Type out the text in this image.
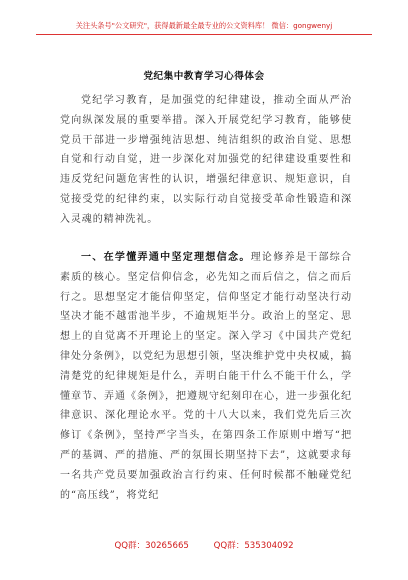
关注头条号"公文研究"，获得最新最全最专业的公文资料库！ 微信：gongwenyj
党纪集中教育学习心得体会

党纪学习教育，是加强党的纪律建设，推动全面从严治党向纵深发展的重要举措。深入开展党纪学习教育，能够使党员干部进一步增强纯洁思想、纯洁组织的政治自觉、思想自觉和行动自觉，进一步深化对加强党的纪律建设重要性和违反党纪问题危害性的认识，增强纪律意识、规矩意识，自觉接受党的纪律约束，以实际行动自觉接受革命性锻造和深入灵魂的精神洗礼。

一、在学懂弄通中坚定理想信念。理论修养是干部综合素质的核心。坚定信仰信念，必先知之而后信之，信之而后行之。思想坚定才能信仰坚定，信仰坚定才能行动坚决行动坚决才能不越雷池半步，不逾规矩半分。政治上的坚定、思想上的自觉离不开理论上的坚定。深入学习《中国共产党纪律处分条例》，以党纪为思想引领，坚决维护党中央权威，搞清楚党的纪律规矩是什么，弄明白能干什么不能干什么，学懂章节、弄通《条例》，把遵规守纪刻印在心，进一步强化纪律意识、深化理论水平。党的十八大以来，我们党先后三次修订《条例》，坚持严字当头，在第四条工作原则中增写“把严的基调、严的措施、严的氛围长期坚持下去”，这就要求每一名共产党员要加强政治言行约束、任何时候都不触碰党纪的“高压线”，将党纪

QQ群：30265665 QQ群：535304092
